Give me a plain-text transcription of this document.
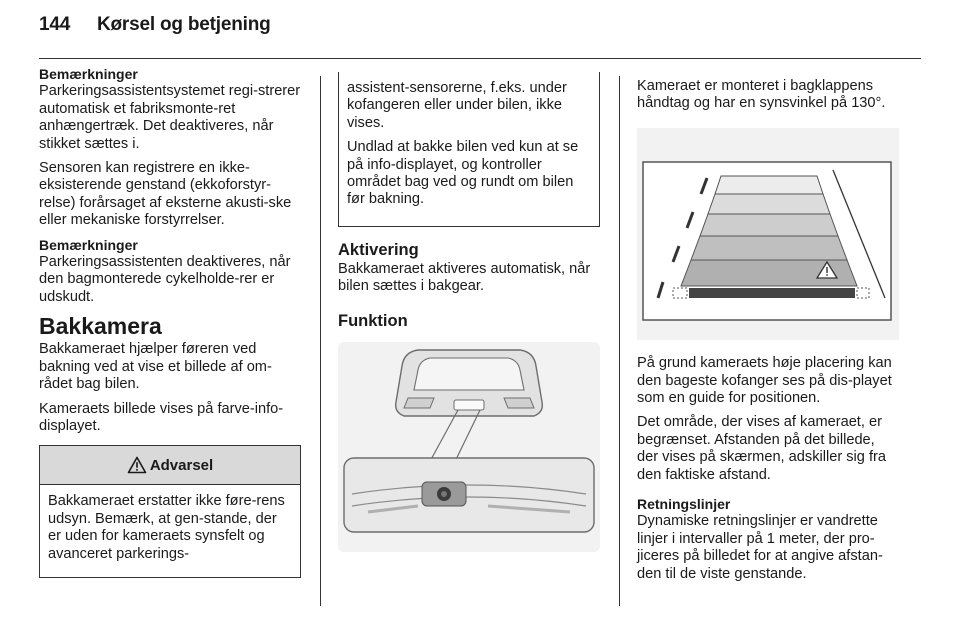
144 Kørsel og betjening
Bemærkninger

Parkeringsassistentsystemet regi-strerer automatisk et fabriksmonte-ret anhængertræk. Det deaktiveres, når stikket sættes i.

Sensoren kan registrere en ikke-eksisterende genstand (ekkoforstyr-relse) forårsaget af eksterne akusti-ske eller mekaniske forstyrrelser.

Bemærkninger

Parkeringsassistenten deaktiveres, når den bagmonterede cykelholde-rer er udskudt.

Bakkamera

Bakkameraet hjælper føreren ved bakning ved at vise et billede af om-rådet bag bilen.

Kameraets billede vises på farve-info-displayet.

Advarsel
Bakkameraet erstatter ikke føre-rens udsyn. Bemærk, at gen-stande, der er uden for kameraets synsfelt og avanceret parkerings-

assistent-sensorerne, f.eks. under kofangeren eller under bilen, ikke vises.

Undlad at bakke bilen ved kun at se på info-displayet, og kontroller området bag ved og rundt om bilen før bakning.

Aktivering

Bakkameraet aktiveres automatisk, når bilen sættes i bakgear.

Funktion

Kameraet er monteret i bagklappens håndtag og har en synsvinkel på 130°.

På grund kameraets høje placering kan den bageste kofanger ses på dis-playet som en guide for positionen.

Det område, der vises af kameraet, er begrænset. Afstanden på det billede, der vises på skærmen, adskiller sig fra den faktiske afstand.

Retningslinjer

Dynamiske retningslinjer er vandrette linjer i intervaller på 1 meter, der pro-jiceres på billedet for at angive afstan-den til de viste genstande.
